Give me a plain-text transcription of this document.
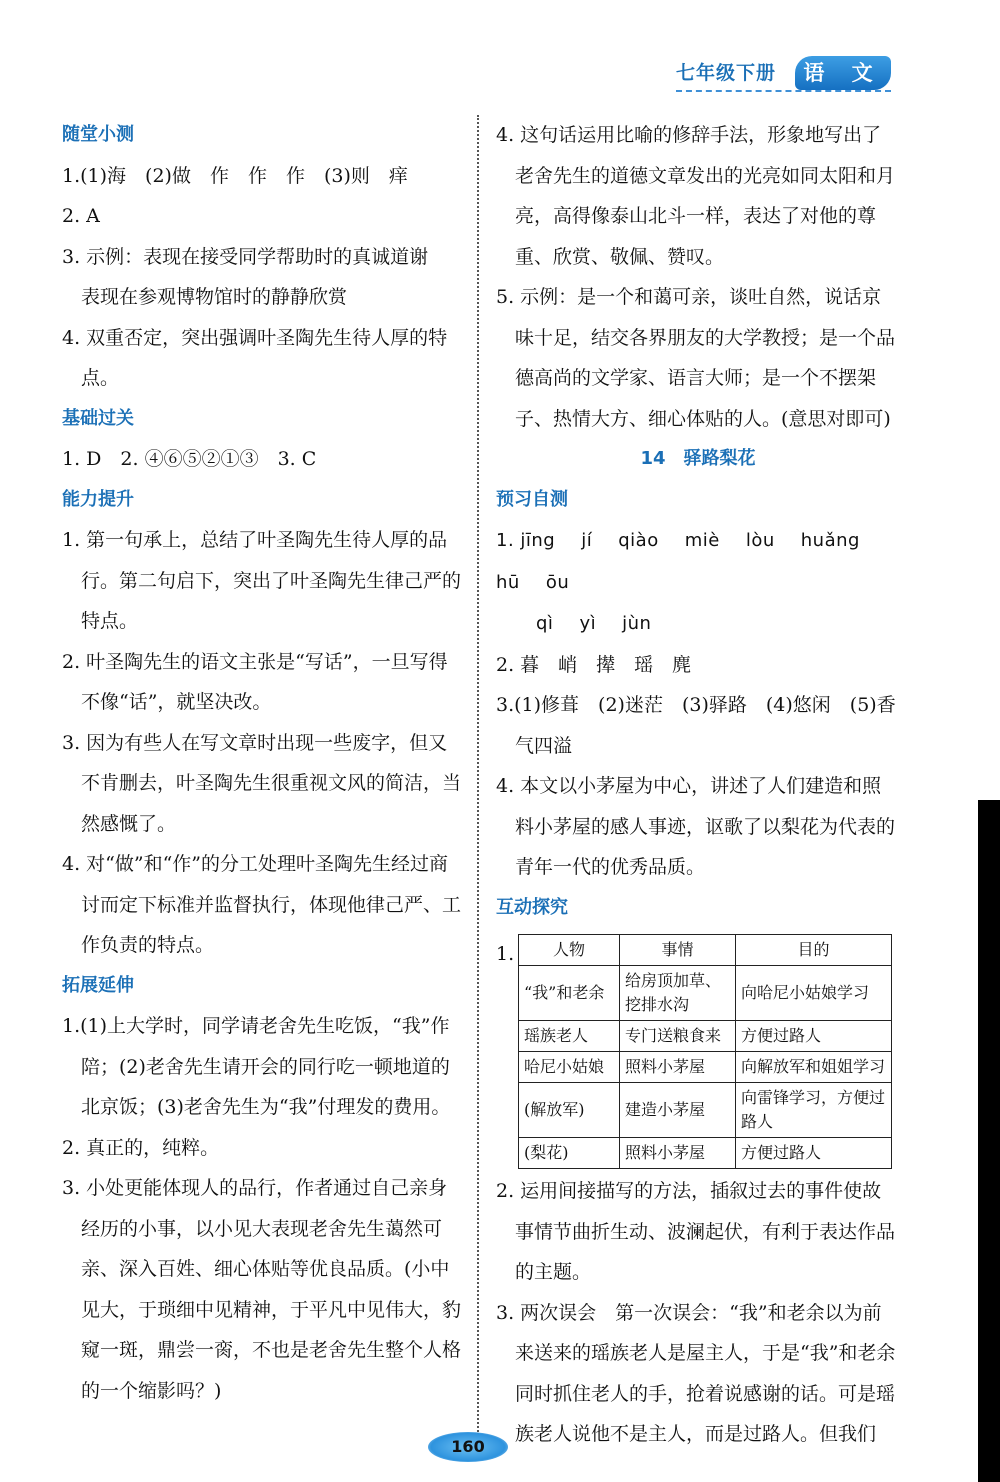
七年级下册	语 文

随堂小测

1.(1)海　(2)做　作　作　作　(3)则　痒

2. A

3. 示例：表现在接受同学帮助时的真诚道谢　表现在参观博物馆时的静静欣赏

4. 双重否定，突出强调叶圣陶先生待人厚的特点。

基础过关

1. D　2. ④⑥⑤②①③　3. C

能力提升

1. 第一句承上，总结了叶圣陶先生待人厚的品行。第二句启下，突出了叶圣陶先生律己严的特点。

2. 叶圣陶先生的语文主张是“写话”，一旦写得不像“话”，就坚决改。

3. 因为有些人在写文章时出现一些废字，但又不肯删去，叶圣陶先生很重视文风的简洁，当然感慨了。

4. 对“做”和“作”的分工处理叶圣陶先生经过商讨而定下标准并监督执行，体现他律己严、工作负责的特点。

拓展延伸

1.(1)上大学时，同学请老舍先生吃饭，“我”作陪；(2)老舍先生请开会的同行吃一顿地道的北京饭；(3)老舍先生为“我”付理发的费用。

2. 真正的，纯粹。

3. 小处更能体现人的品行，作者通过自己亲身经历的小事，以小见大表现老舍先生蔼然可亲、深入百姓、细心体贴等优良品质。(小中见大，于琐细中见精神，于平凡中见伟大，豹窥一斑，鼎尝一脔，不也是老舍先生整个人格的一个缩影吗？)

4. 这句话运用比喻的修辞手法，形象地写出了老舍先生的道德文章发出的光亮如同太阳和月亮，高得像泰山北斗一样，表达了对他的尊重、欣赏、敬佩、赞叹。

5. 示例：是一个和蔼可亲，谈吐自然，说话京味十足，结交各界朋友的大学教授；是一个品德高尚的文学家、语言大师；是一个不摆架子、热情大方、细心体贴的人。(意思对即可)

14　驿路梨花

预习自测

1. jīng jí qiào miè lòu huǎnghū ōu
qì yì jùn

2. 暮　峭　撵　瑶　麂

3.(1)修葺　(2)迷茫　(3)驿路　(4)悠闲　(5)香气四溢

4. 本文以小茅屋为中心，讲述了人们建造和照料小茅屋的感人事迹，讴歌了以梨花为代表的青年一代的优秀品质。

互动探究

1. 人物	事情	目的
“我”和老余	给房顶加草、挖排水沟	向哈尼小姑娘学习
瑶族老人	专门送粮食来	方便过路人
哈尼小姑娘	照料小茅屋	向解放军和姐姐学习
(解放军)	建造小茅屋	向雷锋学习，方便过路人
(梨花)	照料小茅屋	方便过路人

2. 运用间接描写的方法，插叙过去的事件使故事情节曲折生动、波澜起伏，有利于表达作品的主题。

3. 两次误会　第一次误会：“我”和老余以为前来送来的瑶族老人是屋主人，于是“我”和老余同时抓住老人的手，抢着说感谢的话。可是瑶族老人说他不是主人，而是过路人。但我们

160
